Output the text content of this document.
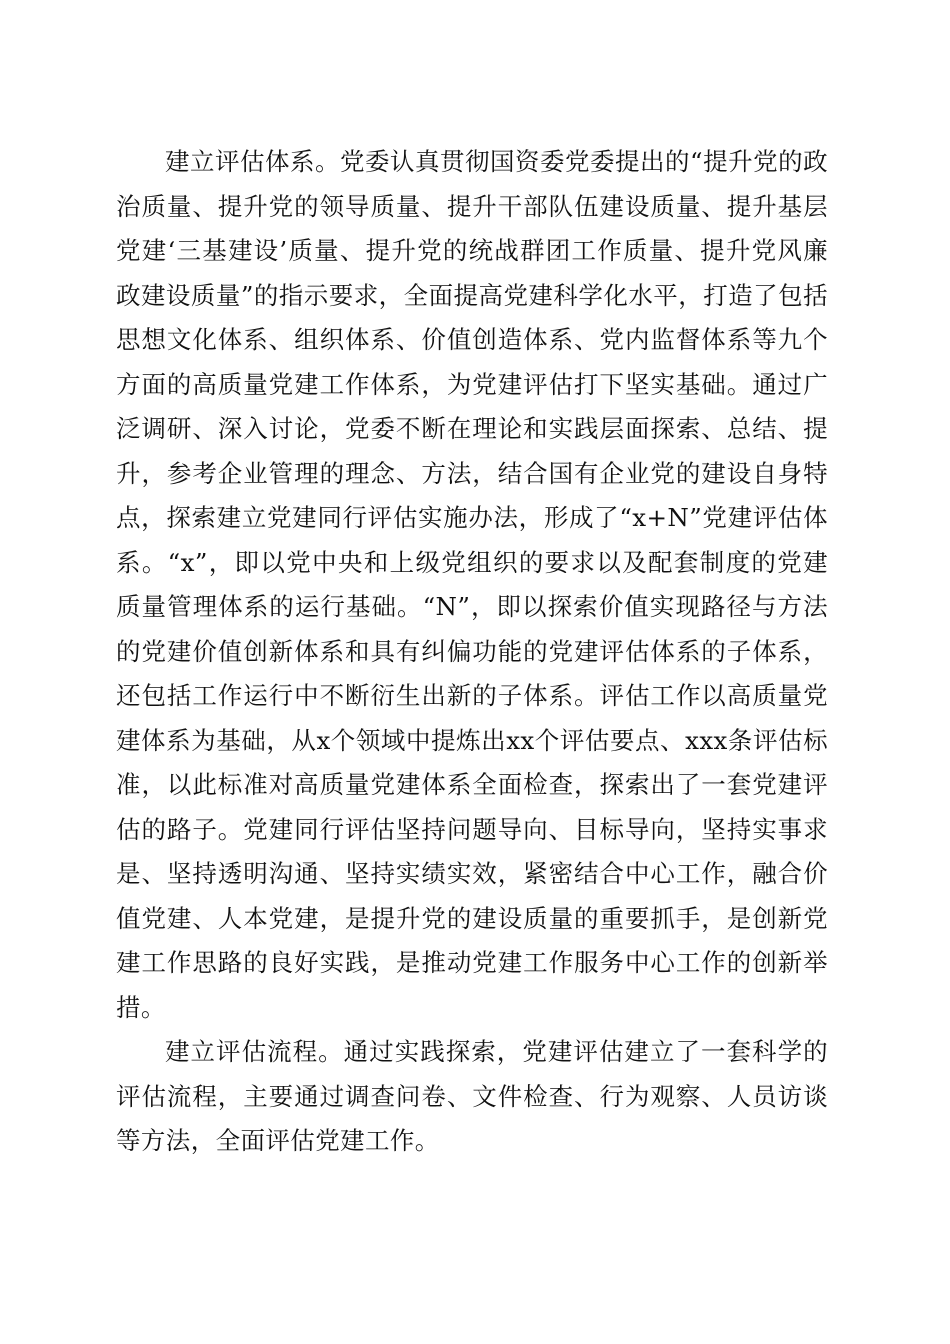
建立评估体系。党委认真贯彻国资委党委提出的“提升党的政治质量、提升党的领导质量、提升干部队伍建设质量、提升基层党建‘三基建设’质量、提升党的统战群团工作质量、提升党风廉政建设质量”的指示要求，全面提高党建科学化水平，打造了包括思想文化体系、组织体系、价值创造体系、党内监督体系等九个方面的高质量党建工作体系，为党建评估打下坚实基础。通过广泛调研、深入讨论，党委不断在理论和实践层面探索、总结、提升，参考企业管理的理念、方法，结合国有企业党的建设自身特点，探索建立党建同行评估实施办法，形成了“x+N”党建评估体系。“x”，即以党中央和上级党组织的要求以及配套制度的党建质量管理体系的运行基础。“N”，即以探索价值实现路径与方法的党建价值创新体系和具有纠偏功能的党建评估体系的子体系，还包括工作运行中不断衍生出新的子体系。评估工作以高质量党建体系为基础，从x个领域中提炼出xx个评估要点、xxx条评估标准，以此标准对高质量党建体系全面检查，探索出了一套党建评估的路子。党建同行评估坚持问题导向、目标导向，坚持实事求是、坚持透明沟通、坚持实绩实效，紧密结合中心工作，融合价值党建、人本党建，是提升党的建设质量的重要抓手，是创新党建工作思路的良好实践，是推动党建工作服务中心工作的创新举措。

建立评估流程。通过实践探索，党建评估建立了一套科学的评估流程，主要通过调查问卷、文件检查、行为观察、人员访谈等方法，全面评估党建工作。
